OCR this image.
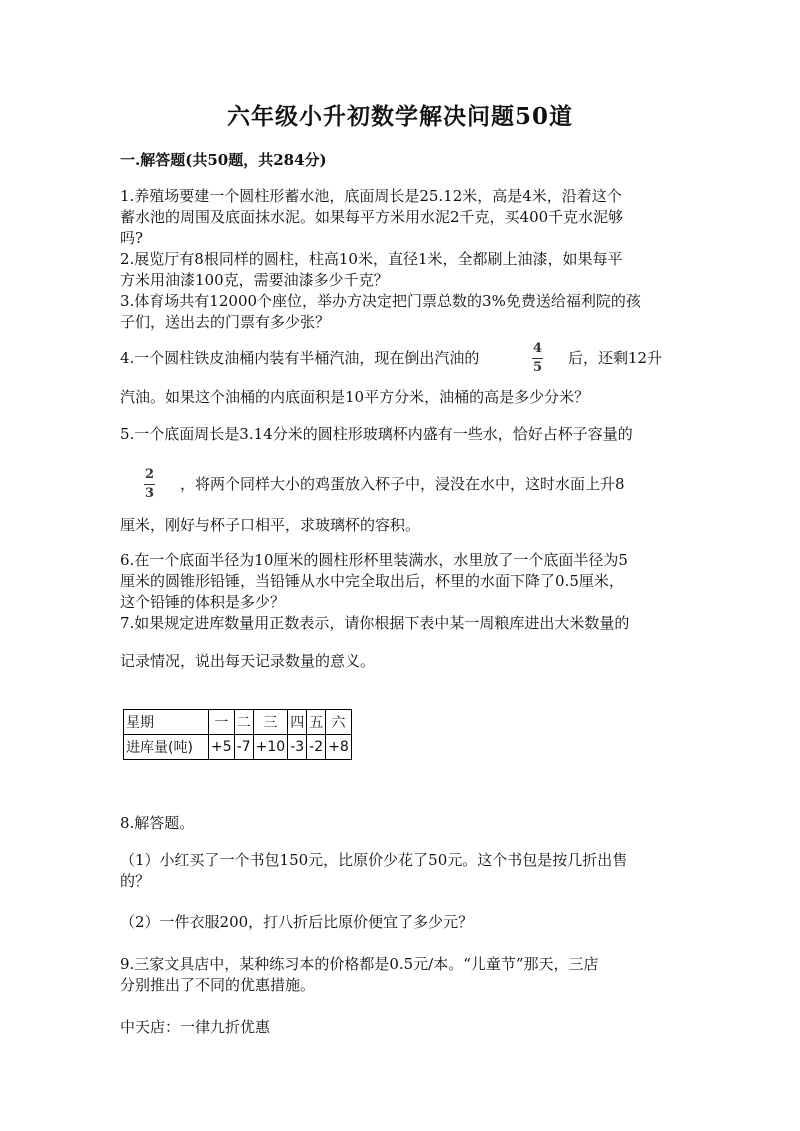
六年级小升初数学解决问题50道
一.解答题(共50题，共284分)

1.养殖场要建一个圆柱形蓄水池，底面周长是25.12米，高是4米，沿着这个

蓄水池的周围及底面抹水泥。如果每平方米用水泥2千克，买400千克水泥够

吗?

2.展览厅有8根同样的圆柱，柱高10米，直径1米，全都刷上油漆，如果每平

方米用油漆100克，需要油漆多少千克？

3.体育场共有12000个座位，举办方决定把门票总数的3%免费送给福利院的孩

子们，送出去的门票有多少张？

4.一个圆柱铁皮油桶内装有半桶汽油，现在倒出汽油的

4
5

后，还剩12升

汽油。如果这个油桶的内底面积是10平方分米，油桶的高是多少分米？

5.一个底面周长是3.14分米的圆柱形玻璃杯内盛有一些水，恰好占杯子容量的

2
3

，将两个同样大小的鸡蛋放入杯子中，浸没在水中，这时水面上升8

厘米，刚好与杯子口相平，求玻璃杯的容积。

6.在一个底面半径为10厘米的圆柱形杯里装满水，水里放了一个底面半径为5

厘米的圆锥形铅锤，当铅锤从水中完全取出后，杯里的水面下降了0.5厘米，

这个铅锤的体积是多少？

7.如果规定进库数量用正数表示，请你根据下表中某一周粮库进出大米数量的

记录情况，说出每天记录数量的意义。

星期	一	二	三	四	五	六
进库量(吨)	+5	-7	+10	-3	-2	+8

8.解答题。

（1）小红买了一个书包150元，比原价少花了50元。这个书包是按几折出售

的？

（2）一件衣服200，打八折后比原价便宜了多少元？

9.三家文具店中，某种练习本的价格都是0.5元/本。“儿童节”那天，三店

分别推出了不同的优惠措施。

中天店：一律九折优惠
